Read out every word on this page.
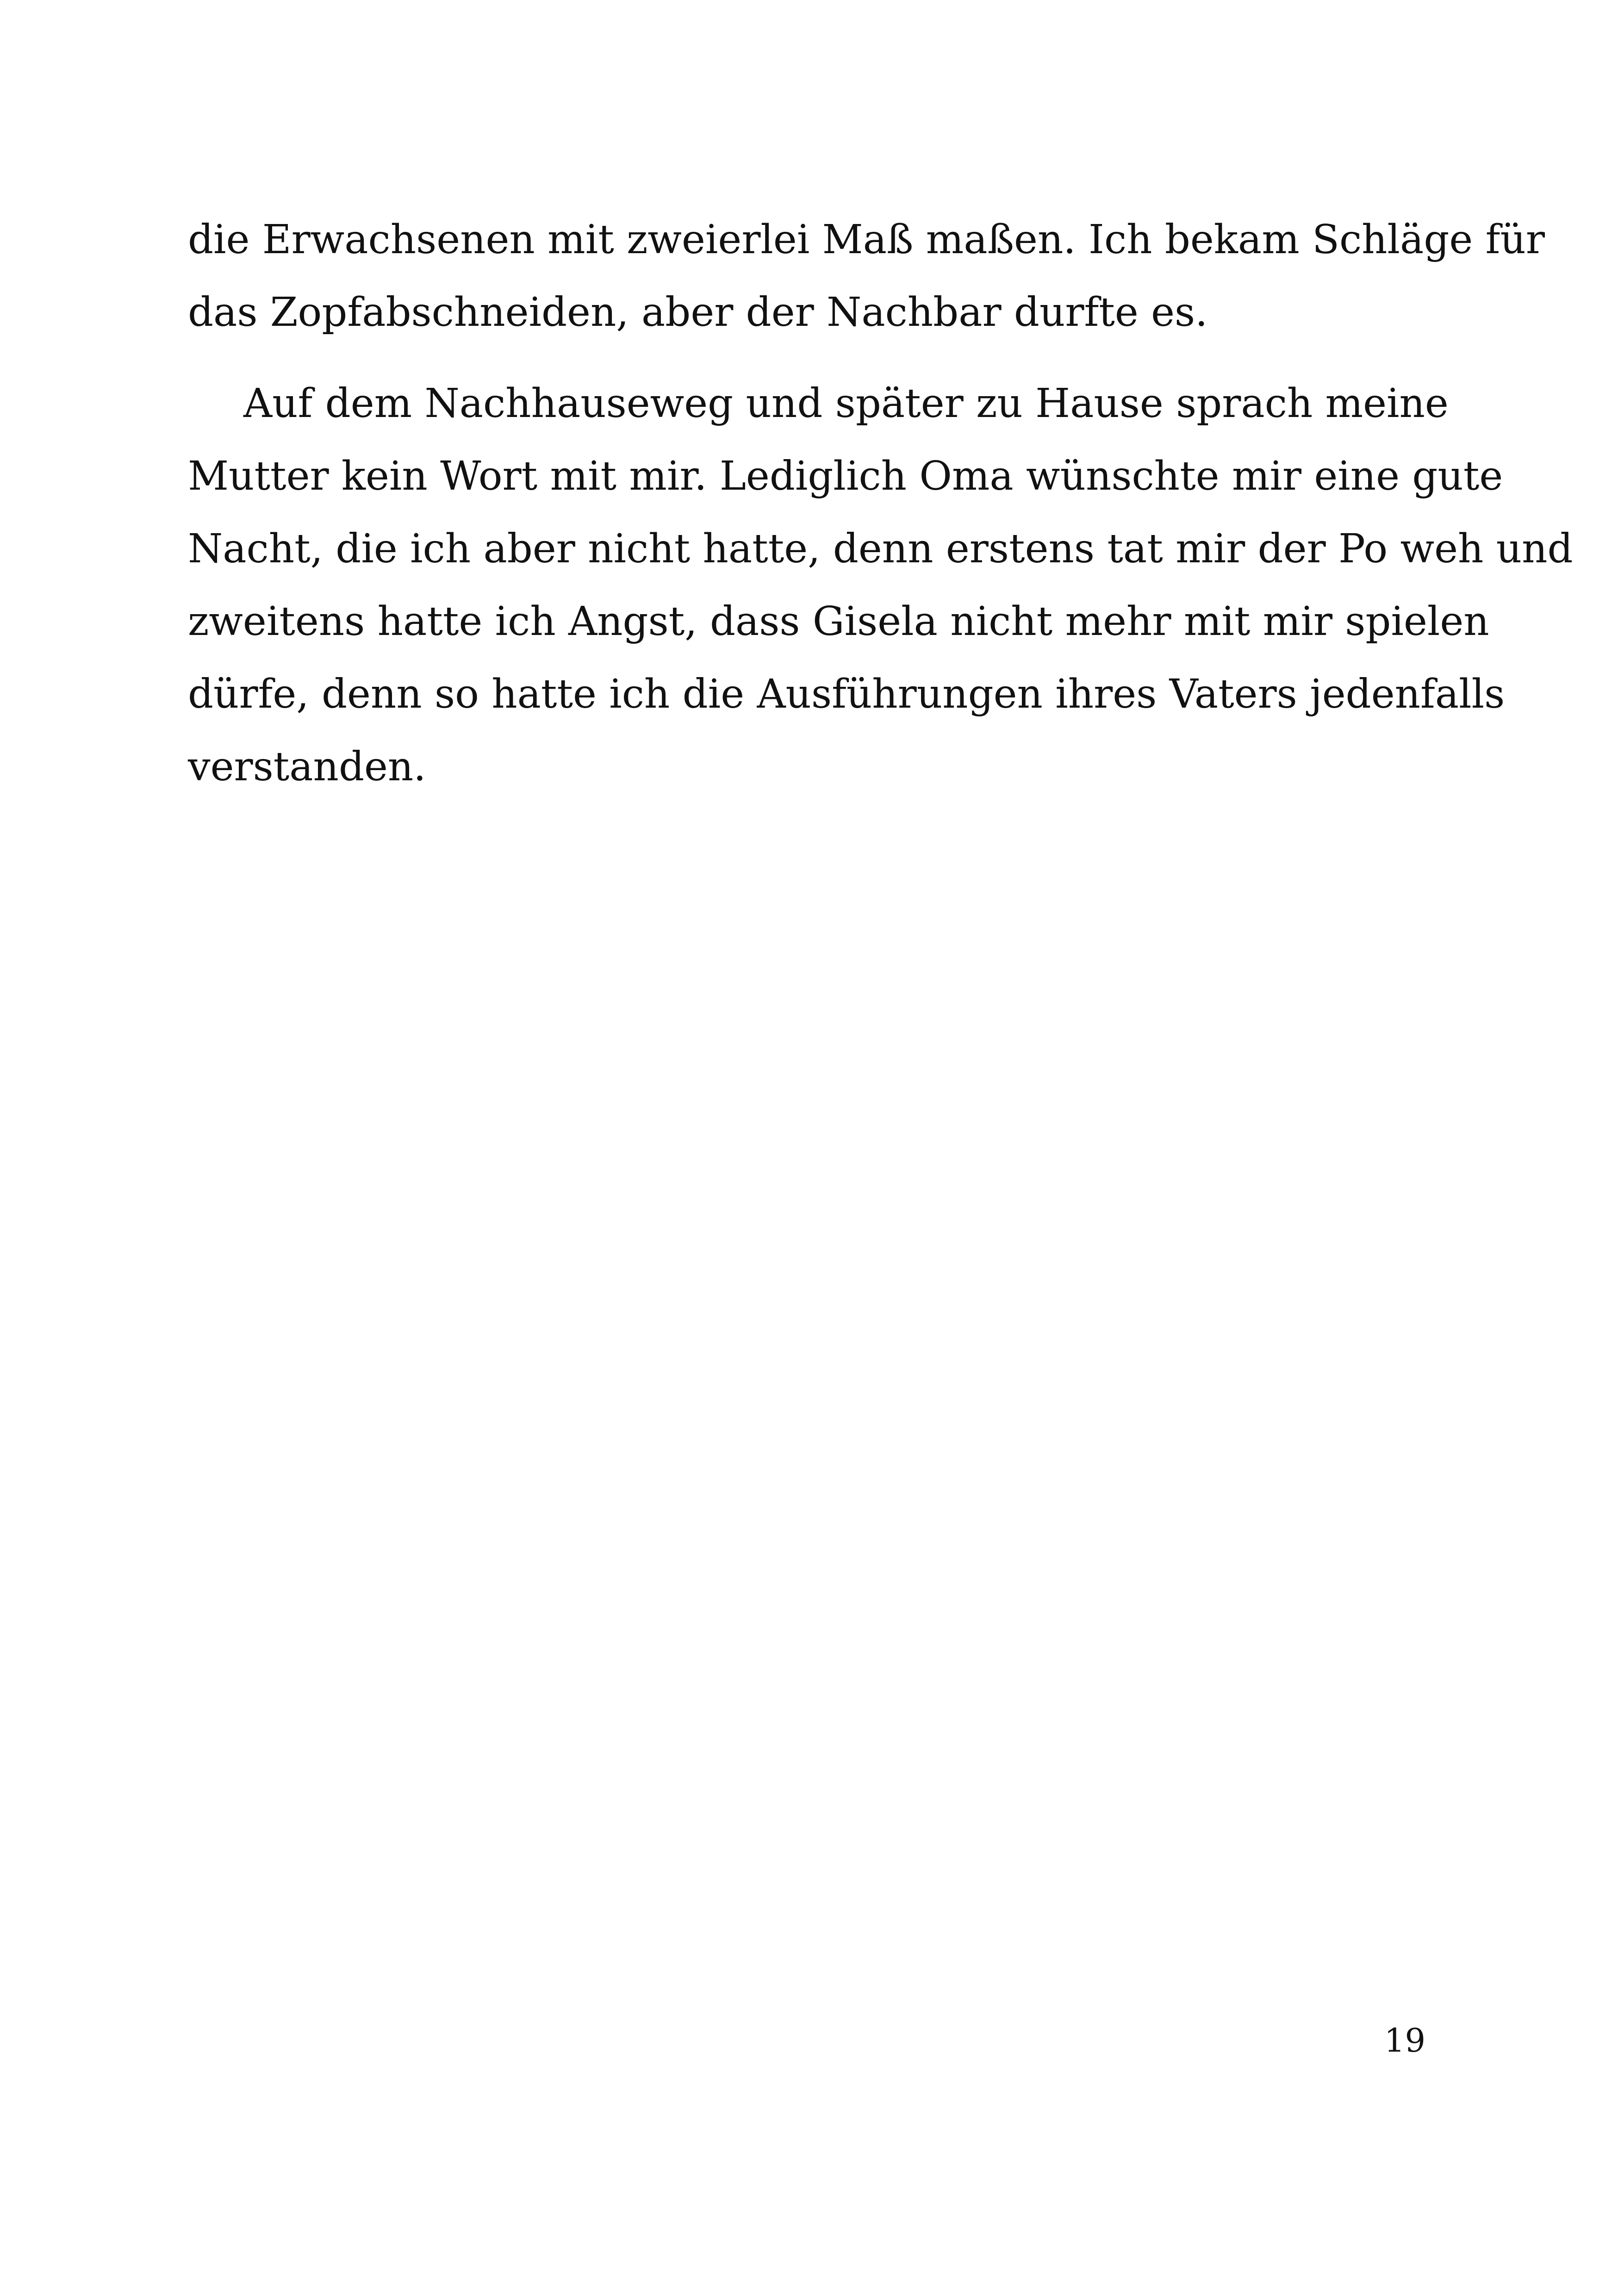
die Erwachsenen mit zweierlei Maß maßen. Ich bekam Schläge für
das Zopfabschneiden, aber der Nachbar durfte es.
Auf dem Nachhauseweg und später zu Hause sprach meine
Mutter kein Wort mit mir. Lediglich Oma wünschte mir eine gute
Nacht, die ich aber nicht hatte, denn erstens tat mir der Po weh und
zweitens hatte ich Angst, dass Gisela nicht mehr mit mir spielen
dürfe, denn so hatte ich die Ausführungen ihres Vaters jedenfalls
verstanden.
19
